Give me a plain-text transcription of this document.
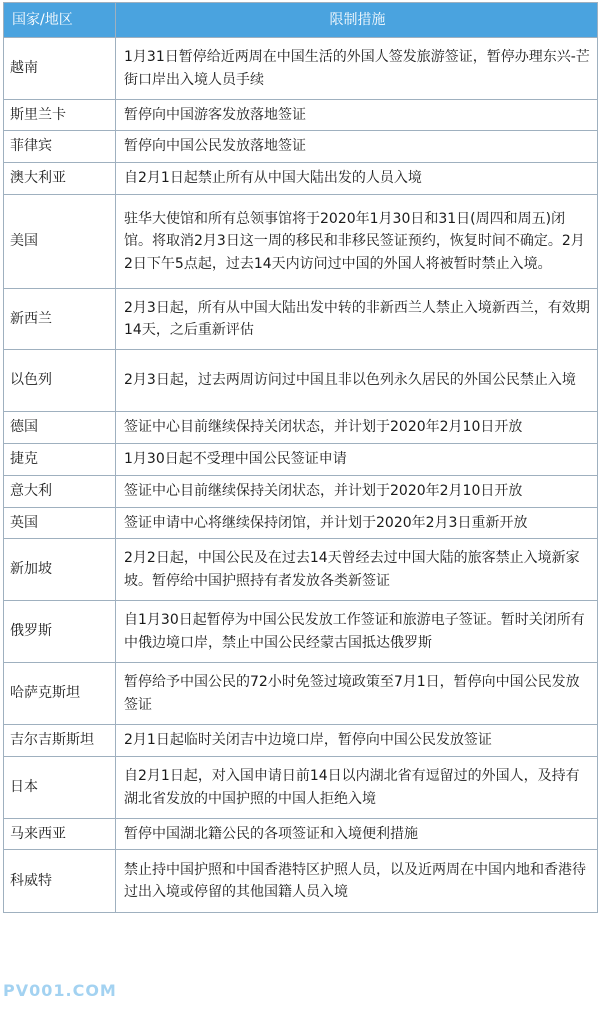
国家/地区	限制措施
越南	1月31日暂停给近两周在中国生活的外国人签发旅游签证，暂停办理东兴-芒街口岸出入境人员手续
斯里兰卡	暂停向中国游客发放落地签证
菲律宾	暂停向中国公民发放落地签证
澳大利亚	自2月1日起禁止所有从中国大陆出发的人员入境
美国	驻华大使馆和所有总领事馆将于2020年1月30日和31日(周四和周五)闭馆。将取消2月3日这一周的移民和非移民签证预约，恢复时间不确定。2月2日下午5点起，过去14天内访问过中国的外国人将被暂时禁止入境。
新西兰	2月3日起，所有从中国大陆出发中转的非新西兰人禁止入境新西兰，有效期14天，之后重新评估
以色列	2月3日起，过去两周访问过中国且非以色列永久居民的外国公民禁止入境
德国	签证中心目前继续保持关闭状态，并计划于2020年2月10日开放
捷克	1月30日起不受理中国公民签证申请
意大利	签证中心目前继续保持关闭状态，并计划于2020年2月10日开放
英国	签证申请中心将继续保持闭馆，并计划于2020年2月3日重新开放
新加坡	2月2日起，中国公民及在过去14天曾经去过中国大陆的旅客禁止入境新家坡。暂停给中国护照持有者发放各类新签证
俄罗斯	自1月30日起暂停为中国公民发放工作签证和旅游电子签证。暂时关闭所有中俄边境口岸，禁止中国公民经蒙古国抵达俄罗斯
哈萨克斯坦	暂停给予中国公民的72小时免签过境政策至7月1日，暂停向中国公民发放签证
吉尔吉斯斯坦	2月1日起临时关闭吉中边境口岸，暂停向中国公民发放签证
日本	自2月1日起，对入国申请日前14日以内湖北省有逗留过的外国人，及持有湖北省发放的中国护照的中国人拒绝入境
马来西亚	暂停中国湖北籍公民的各项签证和入境便利措施
科威特	禁止持中国护照和中国香港特区护照人员，以及近两周在中国内地和香港待过出入境或停留的其他国籍人员入境
PV001.COM
